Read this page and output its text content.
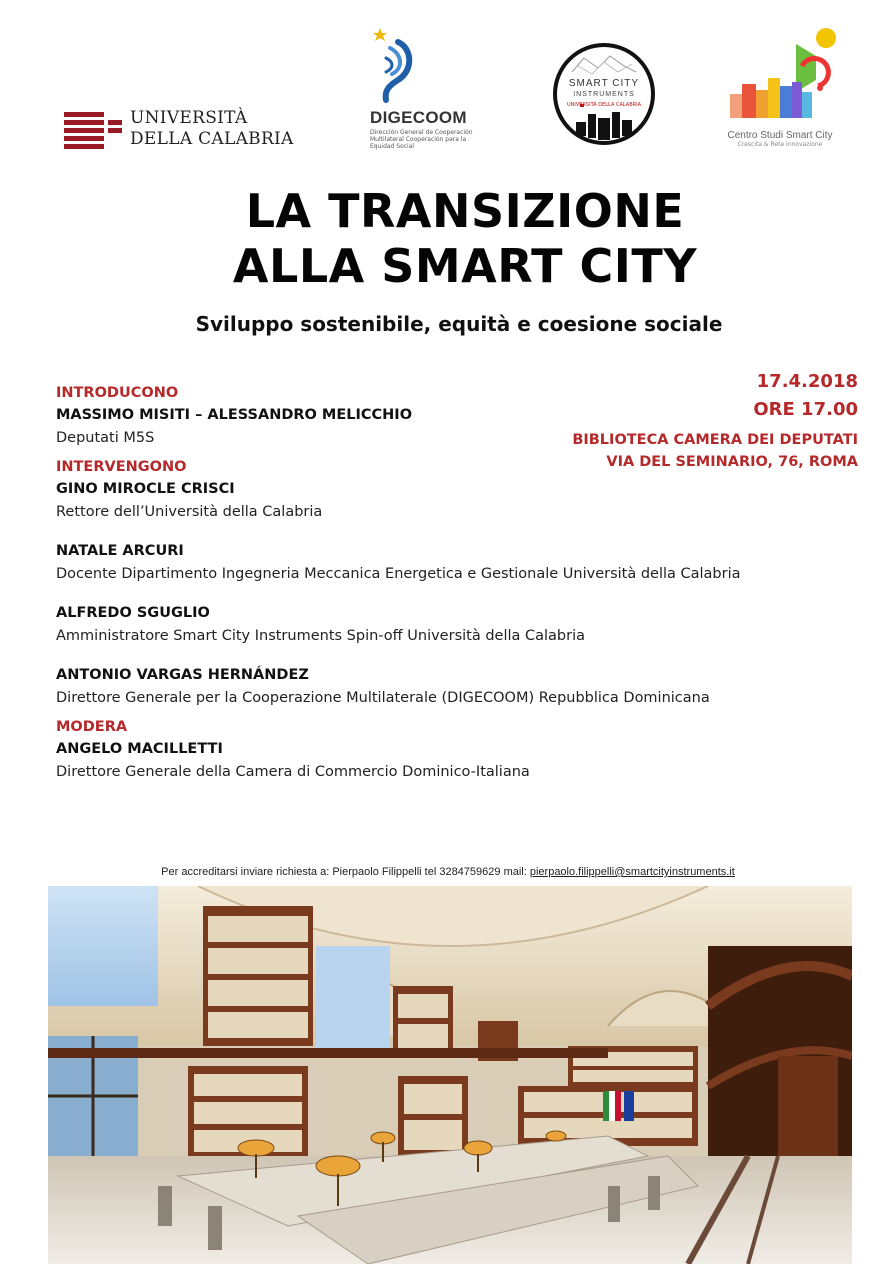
UNIVERSITÀ
DELLA CALABRIA
DIGECOOM
Dirección General de Cooperación Multilateral Cooperación para la Equidad Social
SMART CITY
INSTRUMENTS
UNIVERSITÀ DELLA CALABRIA
Centro Studi Smart City
Crescita & Rete Innovazione
LA TRANSIZIONE
ALLA SMART CITY
Sviluppo sostenibile, equità e coesione sociale
17.4.2018
ORE 17.00
BIBLIOTECA CAMERA DEI DEPUTATI
VIA DEL SEMINARIO, 76, ROMA
INTRODUCONO
MASSIMO MISITI – ALESSANDRO MELICCHIO
Deputati M5S
INTERVENGONO
GINO MIROCLE CRISCI
Rettore dell’Università della Calabria
NATALE ARCURI
Docente Dipartimento Ingegneria Meccanica Energetica e Gestionale Università della Calabria
ALFREDO SGUGLIO
Amministratore Smart City Instruments Spin-off Università della Calabria
ANTONIO VARGAS HERNÁNDEZ
Direttore Generale per la Cooperazione Multilaterale (DIGECOOM) Repubblica Dominicana
MODERA
ANGELO MACILLETTI
Direttore Generale della Camera di Commercio Dominico-Italiana
Per accreditarsi inviare richiesta a: Pierpaolo Filippelli tel 3284759629 mail: pierpaolo.filippelli@smartcityinstruments.it
